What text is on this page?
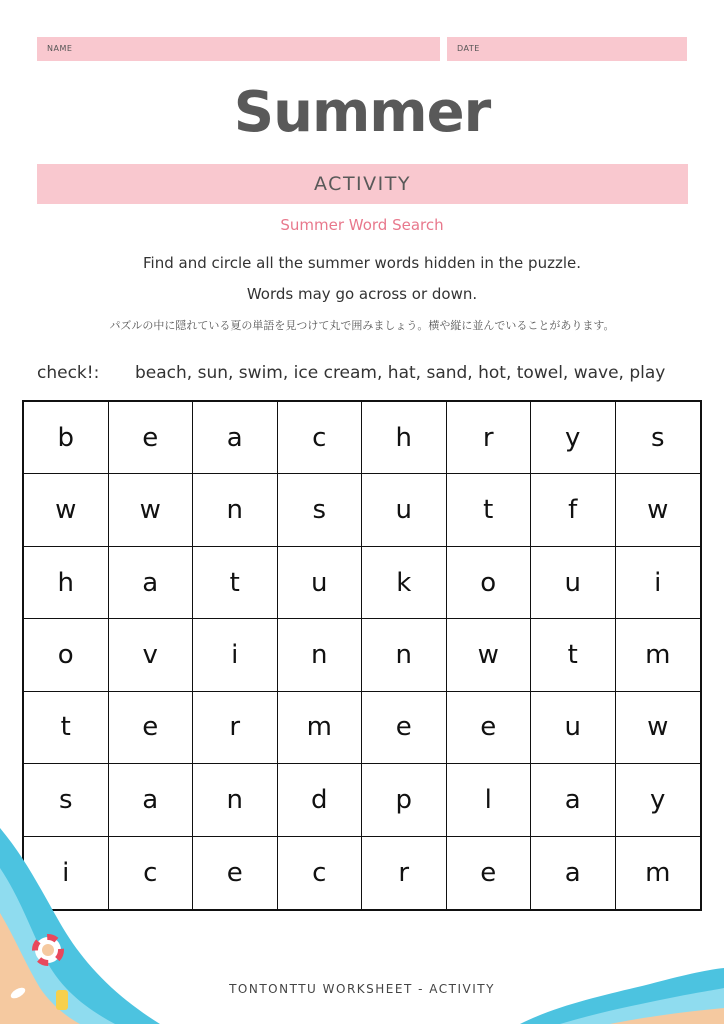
NAME	DATE
Summer
ACTIVITY
Summer Word Search
Find and circle all the summer words hidden in the puzzle.
Words may go across or down.
パズルの中に隠れている夏の単語を見つけて丸で囲みましょう。横や縦に並んでいることがあります。
check!: beach, sun, swim, ice cream, hat, sand, hot, towel, wave, play
b	e	a	c	h	r	y	s
w	w	n	s	u	t	f	w
h	a	t	u	k	o	u	i
o	v	i	n	n	w	t	m
t	e	r	m	e	e	u	w
s	a	n	d	p	l	a	y
i	c	e	c	r	e	a	m
TONTONTTU WORKSHEET - ACTIVITY
